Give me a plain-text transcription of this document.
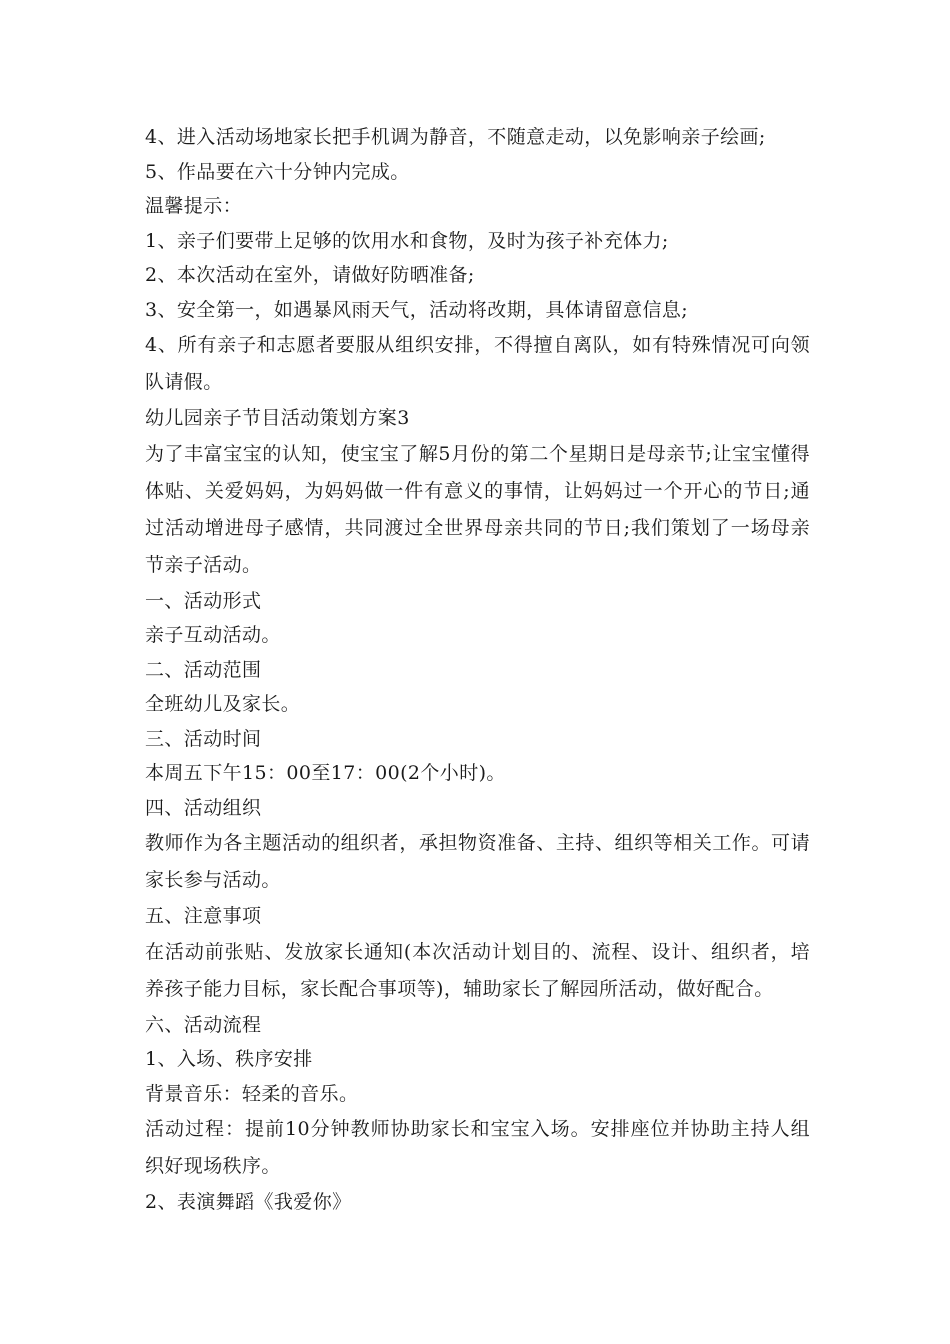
4、进入活动场地家长把手机调为静音，不随意走动，以免影响亲子绘画;

5、作品要在六十分钟内完成。

温馨提示：

1、亲子们要带上足够的饮用水和食物，及时为孩子补充体力;

2、本次活动在室外，请做好防晒准备;

3、安全第一，如遇暴风雨天气，活动将改期，具体请留意信息;

4、所有亲子和志愿者要服从组织安排，不得擅自离队，如有特殊情况可向领队请假。

幼儿园亲子节目活动策划方案3

为了丰富宝宝的认知，使宝宝了解5月份的第二个星期日是母亲节;让宝宝懂得体贴、关爱妈妈，为妈妈做一件有意义的事情，让妈妈过一个开心的节日;通过活动增进母子感情，共同渡过全世界母亲共同的节日;我们策划了一场母亲节亲子活动。

一、活动形式

亲子互动活动。

二、活动范围

全班幼儿及家长。

三、活动时间

本周五下午15：00至17：00(2个小时)。

四、活动组织

教师作为各主题活动的组织者，承担物资准备、主持、组织等相关工作。可请家长参与活动。

五、注意事项

在活动前张贴、发放家长通知(本次活动计划目的、流程、设计、组织者，培养孩子能力目标，家长配合事项等)，辅助家长了解园所活动，做好配合。

六、活动流程

1、入场、秩序安排

背景音乐：轻柔的音乐。

活动过程：提前10分钟教师协助家长和宝宝入场。安排座位并协助主持人组织好现场秩序。

2、表演舞蹈《我爱你》
